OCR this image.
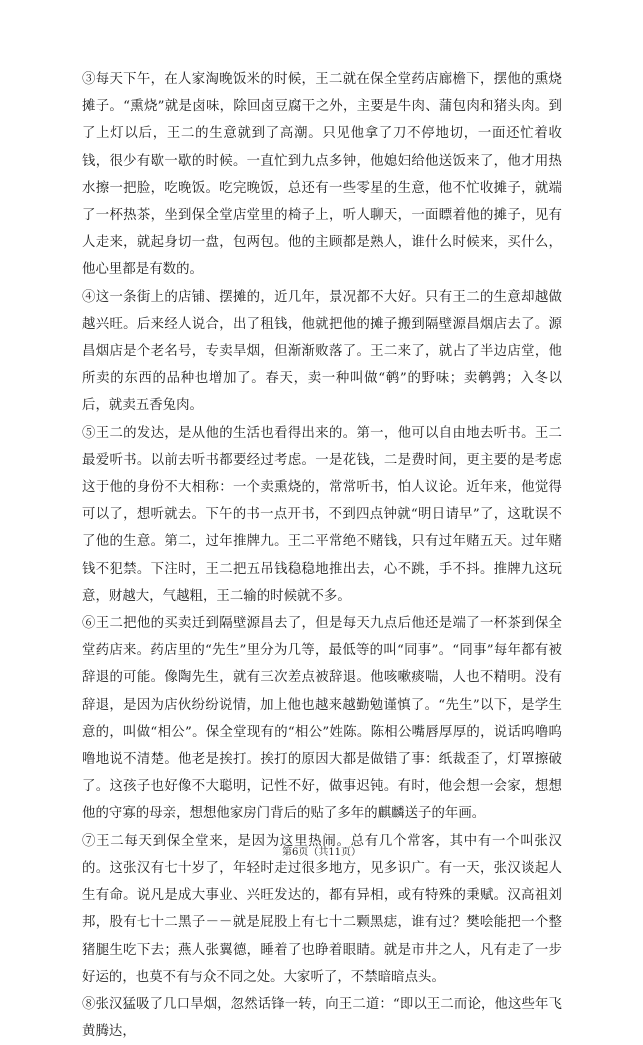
③每天下午，在人家淘晚饭米的时候，王二就在保全堂药店廊檐下，摆他的熏烧摊子。“熏烧”就是卤味，除回卤豆腐干之外，主要是牛肉、蒲包肉和猪头肉。到了上灯以后，王二的生意就到了高潮。只见他拿了刀不停地切，一面还忙着收钱，很少有歇一歇的时候。一直忙到九点多钟，他媳妇给他送饭来了，他才用热水擦一把脸，吃晚饭。吃完晚饭，总还有一些零星的生意，他不忙收摊子，就端了一杯热茶，坐到保全堂店堂里的椅子上，听人聊天，一面瞟着他的摊子，见有人走来，就起身切一盘，包两包。他的主顾都是熟人，谁什么时候来，买什么，他心里都是有数的。

④这一条街上的店铺、摆摊的，近几年，景况都不大好。只有王二的生意却越做越兴旺。后来经人说合，出了租钱，他就把他的摊子搬到隔壁源昌烟店去了。源昌烟店是个老名号，专卖旱烟，但渐渐败落了。王二来了，就占了半边店堂，他所卖的东西的品种也增加了。春天，卖一种叫做“鹌”的野味；卖鹌鹑；入冬以后，就卖五香兔肉。

⑤王二的发达，是从他的生活也看得出来的。第一，他可以自由地去听书。王二最爱听书。以前去听书都要经过考虑。一是花钱，二是费时间，更主要的是考虑这于他的身份不大相称：一个卖熏烧的，常常听书，怕人议论。近年来，他觉得可以了，想听就去。下午的书一点开书，不到四点钟就“明日请早”了，这耽误不了他的生意。第二，过年推牌九。王二平常绝不赌钱，只有过年赌五天。过年赌钱不犯禁。下注时，王二把五吊钱稳稳地推出去，心不跳，手不抖。推牌九这玩意，财越大，气越粗，王二输的时候就不多。

⑥王二把他的买卖迁到隔壁源昌去了，但是每天九点后他还是端了一杯茶到保全堂药店来。药店里的“先生”里分为几等，最低等的叫“同事”。“同事”每年都有被辞退的可能。像陶先生，就有三次差点被辞退。他咳嗽痰喘，人也不精明。没有辞退，是因为店伙纷纷说情，加上他也越来越勤勉谨慎了。“先生”以下，是学生意的，叫做“相公”。保全堂现有的“相公”姓陈。陈相公嘴唇厚厚的，说话呜噜呜噜地说不清楚。他老是挨打。挨打的原因大都是做错了事：纸裁歪了，灯罩擦破了。这孩子也好像不大聪明，记性不好，做事迟钝。有时，他会想一会家，想想他的守寡的母亲，想想他家房门背后的贴了多年的麒麟送子的年画。

⑦王二每天到保全堂来，是因为这里热闹。总有几个常客，其中有一个叫张汉的。这张汉有七十岁了，年轻时走过很多地方，见多识广。有一天，张汉谈起人生有命。说凡是成大事业、兴旺发达的，都有异相，或有特殊的秉赋。汉高祖刘邦，股有七十二黑子－－就是屁股上有七十二颗黑痣，谁有过？樊哙能把一个整猪腿生吃下去；燕人张翼德，睡着了也睁着眼睛。就是市井之人，凡有走了一步好运的，也莫不有与众不同之处。大家听了，不禁暗暗点头。

⑧张汉猛吸了几口旱烟，忽然话锋一转，向王二道：“即以王二而论，他这些年飞黄腾达，

第6页（共11页）
